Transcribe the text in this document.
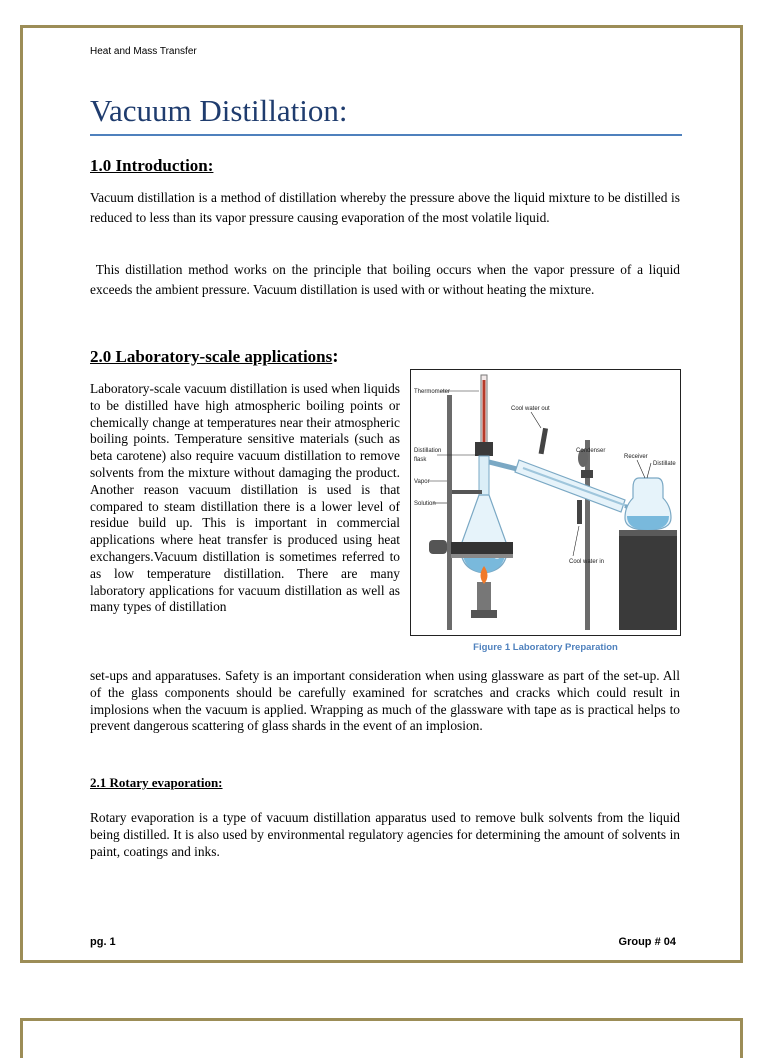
Heat and Mass Transfer
Vacuum Distillation:
1.0 Introduction:

Vacuum distillation is a method of distillation whereby the pressure above the liquid mixture to be distilled is reduced to less than its vapor pressure causing evaporation of the most volatile liquid.

This distillation method works on the principle that boiling occurs when the vapor pressure of a liquid exceeds the ambient pressure. Vacuum distillation is used with or without heating the mixture.

2.0 Laboratory-scale applications:

Laboratory-scale vacuum distillation is used when liquids to be distilled have high atmospheric boiling points or chemically change at temperatures near their atmospheric boiling points. Temperature sensitive materials (such as beta carotene) also require vacuum distillation to remove solvents from the mixture without damaging the product. Another reason vacuum distillation is used is that compared to steam distillation there is a lower level of residue build up. This is important in commercial applications where heat transfer is produced using heat exchangers.Vacuum distillation is sometimes referred to as low temperature distillation. There are many laboratory applications for vacuum distillation as well as many types of distillation

set-ups and apparatuses. Safety is an important consideration when using glassware as part of the set-up. All of the glass components should be carefully examined for scratches and cracks which could result in implosions when the vacuum is applied. Wrapping as much of the glassware with tape as is practical helps to prevent dangerous scattering of glass shards in the event of an implosion.

Thermometer
Cool water out
Distillation
flask
Vapor
Solution
Condenser
Receiver
Distillate
Cool water in
Figure 1 Laboratory Preparation
2.1 Rotary evaporation:

Rotary evaporation is a type of vacuum distillation apparatus used to remove bulk solvents from the liquid being distilled. It is also used by environmental regulatory agencies for determining the amount of solvents in paint, coatings and inks.

pg. 1	Group # 04
